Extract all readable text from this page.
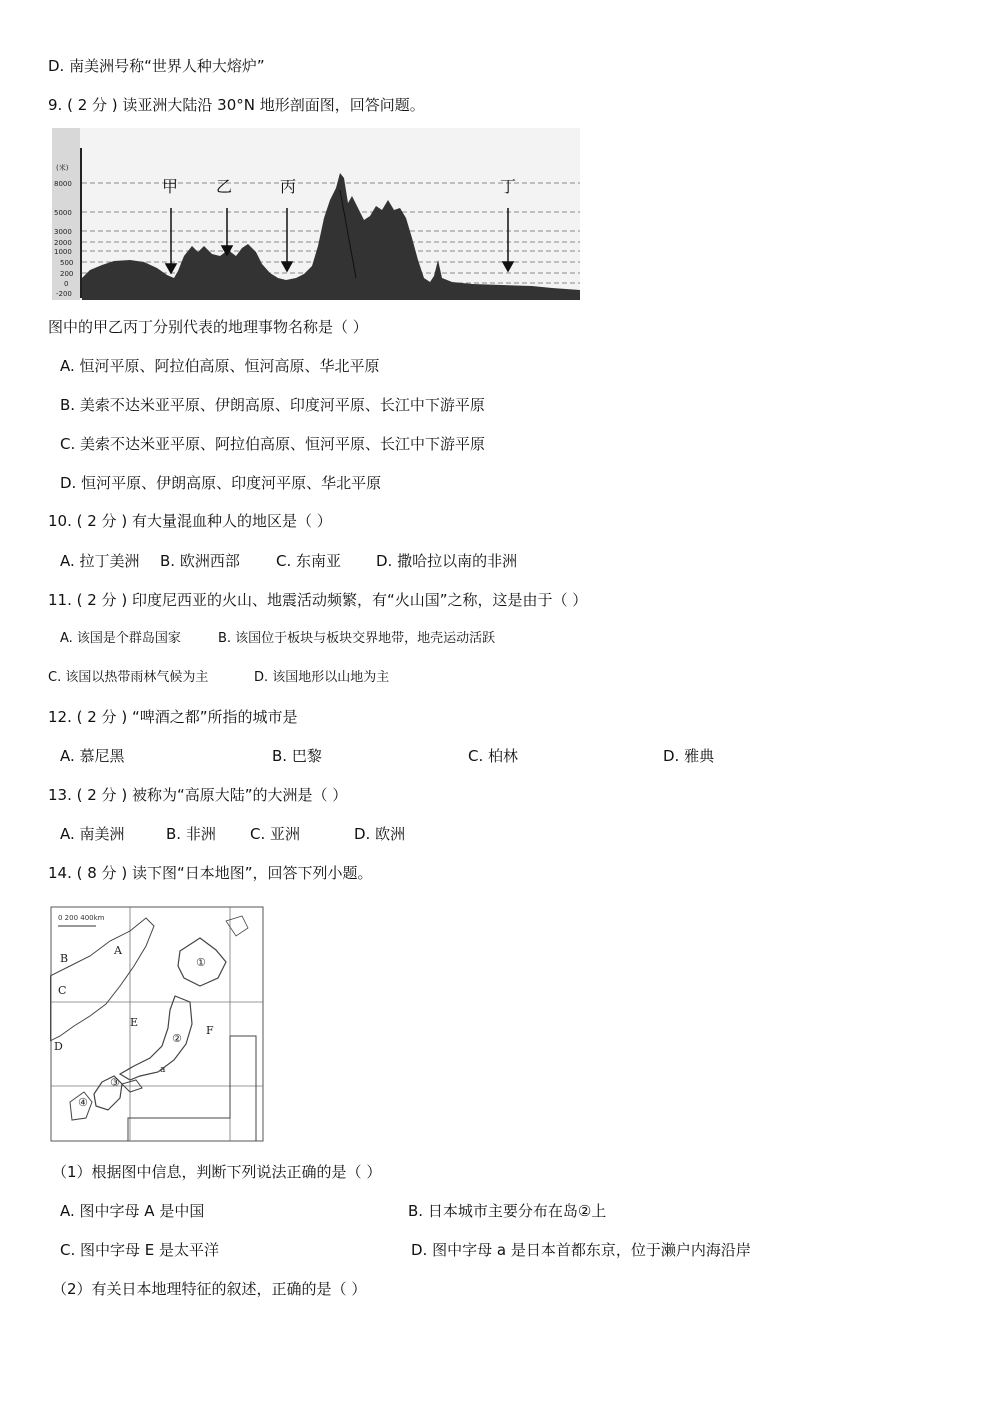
D. 南美洲号称“世界人种大熔炉”
9. ( 2 分 ) 读亚洲大陆沿 30°N 地形剖面图，回答问题。
(米)
8000
5000
3000
2000
1000
500
200
0
-200
甲 乙	丙	丁
图中的甲乙丙丁分别代表的地理事物名称是（ ）
A. 恒河平原、阿拉伯高原、恒河高原、华北平原
B. 美索不达米亚平原、伊朗高原、印度河平原、长江中下游平原
C. 美索不达米亚平原、阿拉伯高原、恒河平原、长江中下游平原
D. 恒河平原、伊朗高原、印度河平原、华北平原
10. ( 2 分 ) 有大量混血种人的地区是（ ）
A. 拉丁美洲 B. 欧洲西部 C. 东南亚 D. 撒哈拉以南的非洲
11. ( 2 分 ) 印度尼西亚的火山、地震活动频繁，有“火山国”之称，这是由于（ ）
A. 该国是个群岛国家	B. 该国位于板块与板块交界地带，地壳运动活跃
C. 该国以热带雨林气候为主	D. 该国地形以山地为主
12. ( 2 分 ) “啤酒之都”所指的城市是
A. 慕尼黑	B. 巴黎	C. 柏林	D. 雅典
13. ( 2 分 ) 被称为“高原大陆”的大洲是（ ）
A. 南美洲	B. 非洲 C. 亚洲	D. 欧洲
14. ( 8 分 ) 读下图“日本地图”，回答下列小题。
0 200 400km
A
B
C
D
E
F
a
①
②
③
④
（1）根据图中信息，判断下列说法正确的是（ ）
A. 图中字母 A 是中国	B. 日本城市主要分布在岛②上
C. 图中字母 E 是太平洋	D. 图中字母 a 是日本首都东京，位于濑户内海沿岸
（2）有关日本地理特征的叙述，正确的是（ ）
